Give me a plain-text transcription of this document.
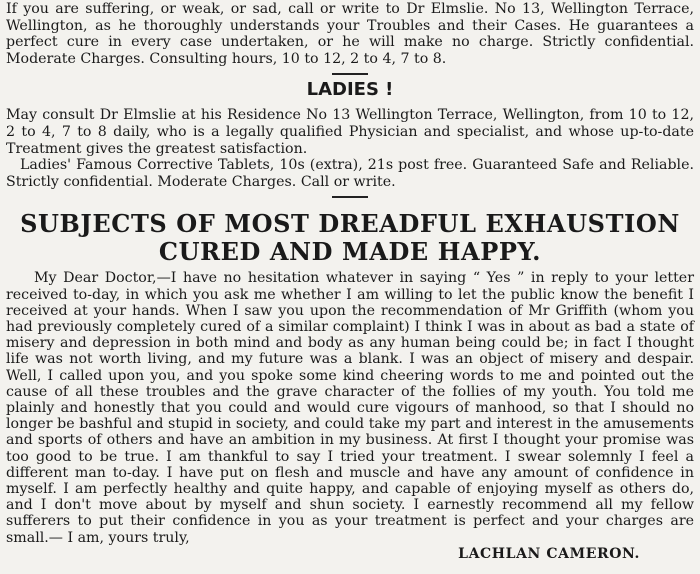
If you are suffering, or weak, or sad, call or write to Dr Elmslie. No 13, Wellington Terrace, Wellington, as he thoroughly understands your Troubles and their Cases. He guarantees a perfect cure in every case undertaken, or he will make no charge. Strictly confidential. Moderate Charges. Consulting hours, 10 to 12, 2 to 4, 7 to 8.

LADIES !

May consult Dr Elmslie at his Residence No 13 Wellington Terrace, Wellington, from 10 to 12, 2 to 4, 7 to 8 daily, who is a legally qualified Physician and specialist, and whose up-to-date Treatment gives the greatest satisfaction.

Ladies' Famous Corrective Tablets, 10s (extra), 21s post free. Guaranteed Safe and Reliable. Strictly confidential. Moderate Charges. Call or write.

SUBJECTS OF MOST DREADFUL EXHAUSTION
CURED AND MADE HAPPY.

My Dear Doctor,—I have no hesitation whatever in saying “ Yes ” in reply to your letter received to-day, in which you ask me whether I am willing to let the public know the benefit I received at your hands. When I saw you upon the recommendation of Mr Griffith (whom you had previously completely cured of a similar complaint) I think I was in about as bad a state of misery and depression in both mind and body as any human being could be; in fact I thought life was not worth living, and my future was a blank. I was an object of misery and despair. Well, I called upon you, and you spoke some kind cheering words to me and pointed out the cause of all these troubles and the grave character of the follies of my youth. You told me plainly and honestly that you could and would cure vigours of manhood, so that I should no longer be bashful and stupid in society, and could take my part and interest in the amusements and sports of others and have an ambition in my business. At first I thought your promise was too good to be true. I am thankful to say I tried your treatment. I swear solemnly I feel a different man to-day. I have put on flesh and muscle and have any amount of confidence in myself. I am perfectly healthy and quite happy, and capable of enjoying myself as others do, and I don't move about by myself and shun society. I earnestly recommend all my fellow sufferers to put their confidence in you as your treatment is perfect and your charges are small.— I am, yours truly,

LACHLAN CAMERON.
